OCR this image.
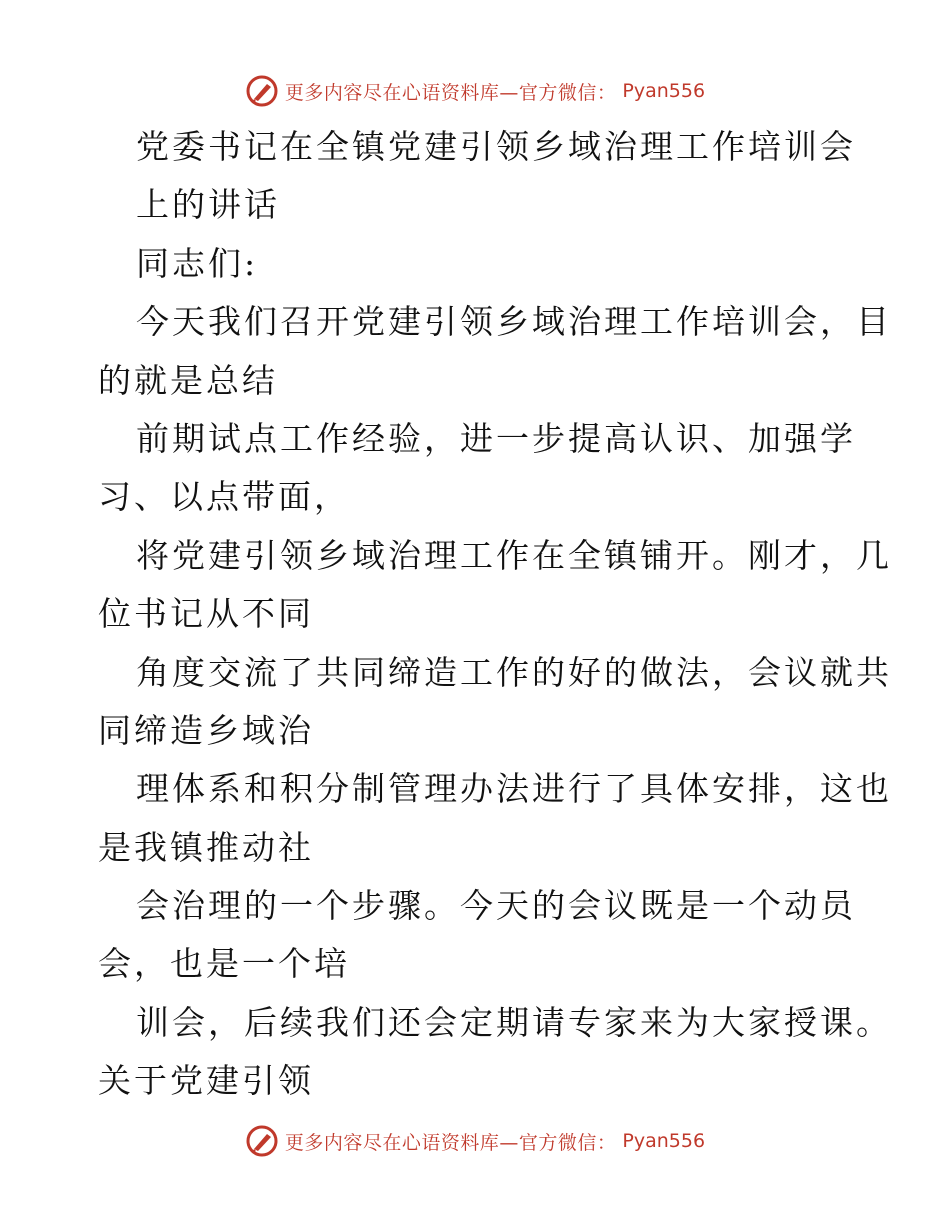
更多内容尽在心语资料库—官方微信： Pyan556
党委书记在全镇党建引领乡域治理工作培训会
上的讲话
同志们:
今天我们召开党建引领乡域治理工作培训会，目
的就是总结
前期试点工作经验，进一步提高认识、加强学
习、以点带面，
将党建引领乡域治理工作在全镇铺开。刚才，几
位书记从不同
角度交流了共同缔造工作的好的做法，会议就共
同缔造乡域治
理体系和积分制管理办法进行了具体安排，这也
是我镇推动社
会治理的一个步骤。今天的会议既是一个动员
会，也是一个培
训会，后续我们还会定期请专家来为大家授课。
关于党建引领
更多内容尽在心语资料库—官方微信： Pyan556
